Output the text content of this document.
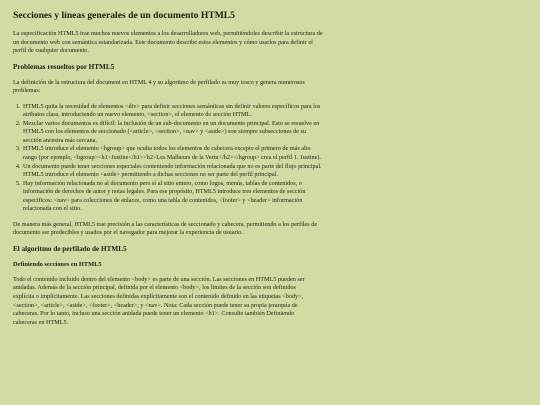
Secciones y líneas generales de un documento HTML5

La especificación HTML5 trae muchos nuevos elementos a los desarrolladores web, permitiéndoles describir la estructura de un documento web con semántica estandarizada. Este documento describe estos elementos y cómo usarlos para definir el perfil de cualquier documento.

Problemas resueltos por HTML5

La definición de la estructura del document en HTML 4 y su algoritmo de perfilado es muy tosco y genera numerosos problemas:

1. HTML5 quita la necesidad de elementos <div> para definir secciones semánticas sin definir valores específicos para los atributos class, introduciendo un nuevo elemento, <section>, el elemento de sección HTML.
2. Mezclar varios documentos es difícil: la inclusión de un sub-documento en un documento principal. Esto se resuelve en HTML5 con los elementos de seccionado (<article>, <section>, <nav> y <aside>) son siempre subsecciones de su sección ancestra más cercana.
3. HTML5 introduce el elemento <hgroup> que oculta todos los elementos de cabecera excepto el primero de más alto rango (por ejemplo, <hgroup><h1>Justine</h1><h2>Les Malheurs de la Vertu</h2></hgroup> crea el perfil 1. Justine).
4. Un documento puede tener secciones especiales conteniendo información relacionada que no es parte del flujo principal. HTML5 introduce el elemento <aside> permitiendo a dichas secciones no ser parte del perfil principal.
5. Hay información relacionada no al documento pero sí al sitio entero, como logos, menús, tablas de contenidos, o información de derechos de autor y notas legales. Para ese propósito, HTML5 introduce tres elementos de sección específicos: <nav> para colecciones de enlaces, como una tabla de contenidos, <footer> y <header> información relacionada con el sitio.

De manera más general, HTML5 trae precisión a las características de seccionado y cabecera, permitiendo a los perfiles de documento ser predecibles y usados por el navegador para mejorar la experiencia de usuario.

El algoritmo de perfilado de HTML5
Definiendo secciones en HTML5

Todo el contenido incluido dentro del elemento <body> es parte de una sección. Las secciones en HTML5 pueden ser anidadas. Además de la sección principal, definida por el elemento <body>, los limites de la sección son definidos explícita o implícitamente. Las secciones definidas explícitamente son el contenido definido en las etiquetas <body>, <section>, <article>, <aside>, <footer>, <header>, y <nav>. Nota: Cada sección puede tener su propia jerarquía de cabeceras. Por lo tanto, incluso una sección anidada puede tener un elemento <h1>. Consulte también Definiendo cabeceras en HTML5.
